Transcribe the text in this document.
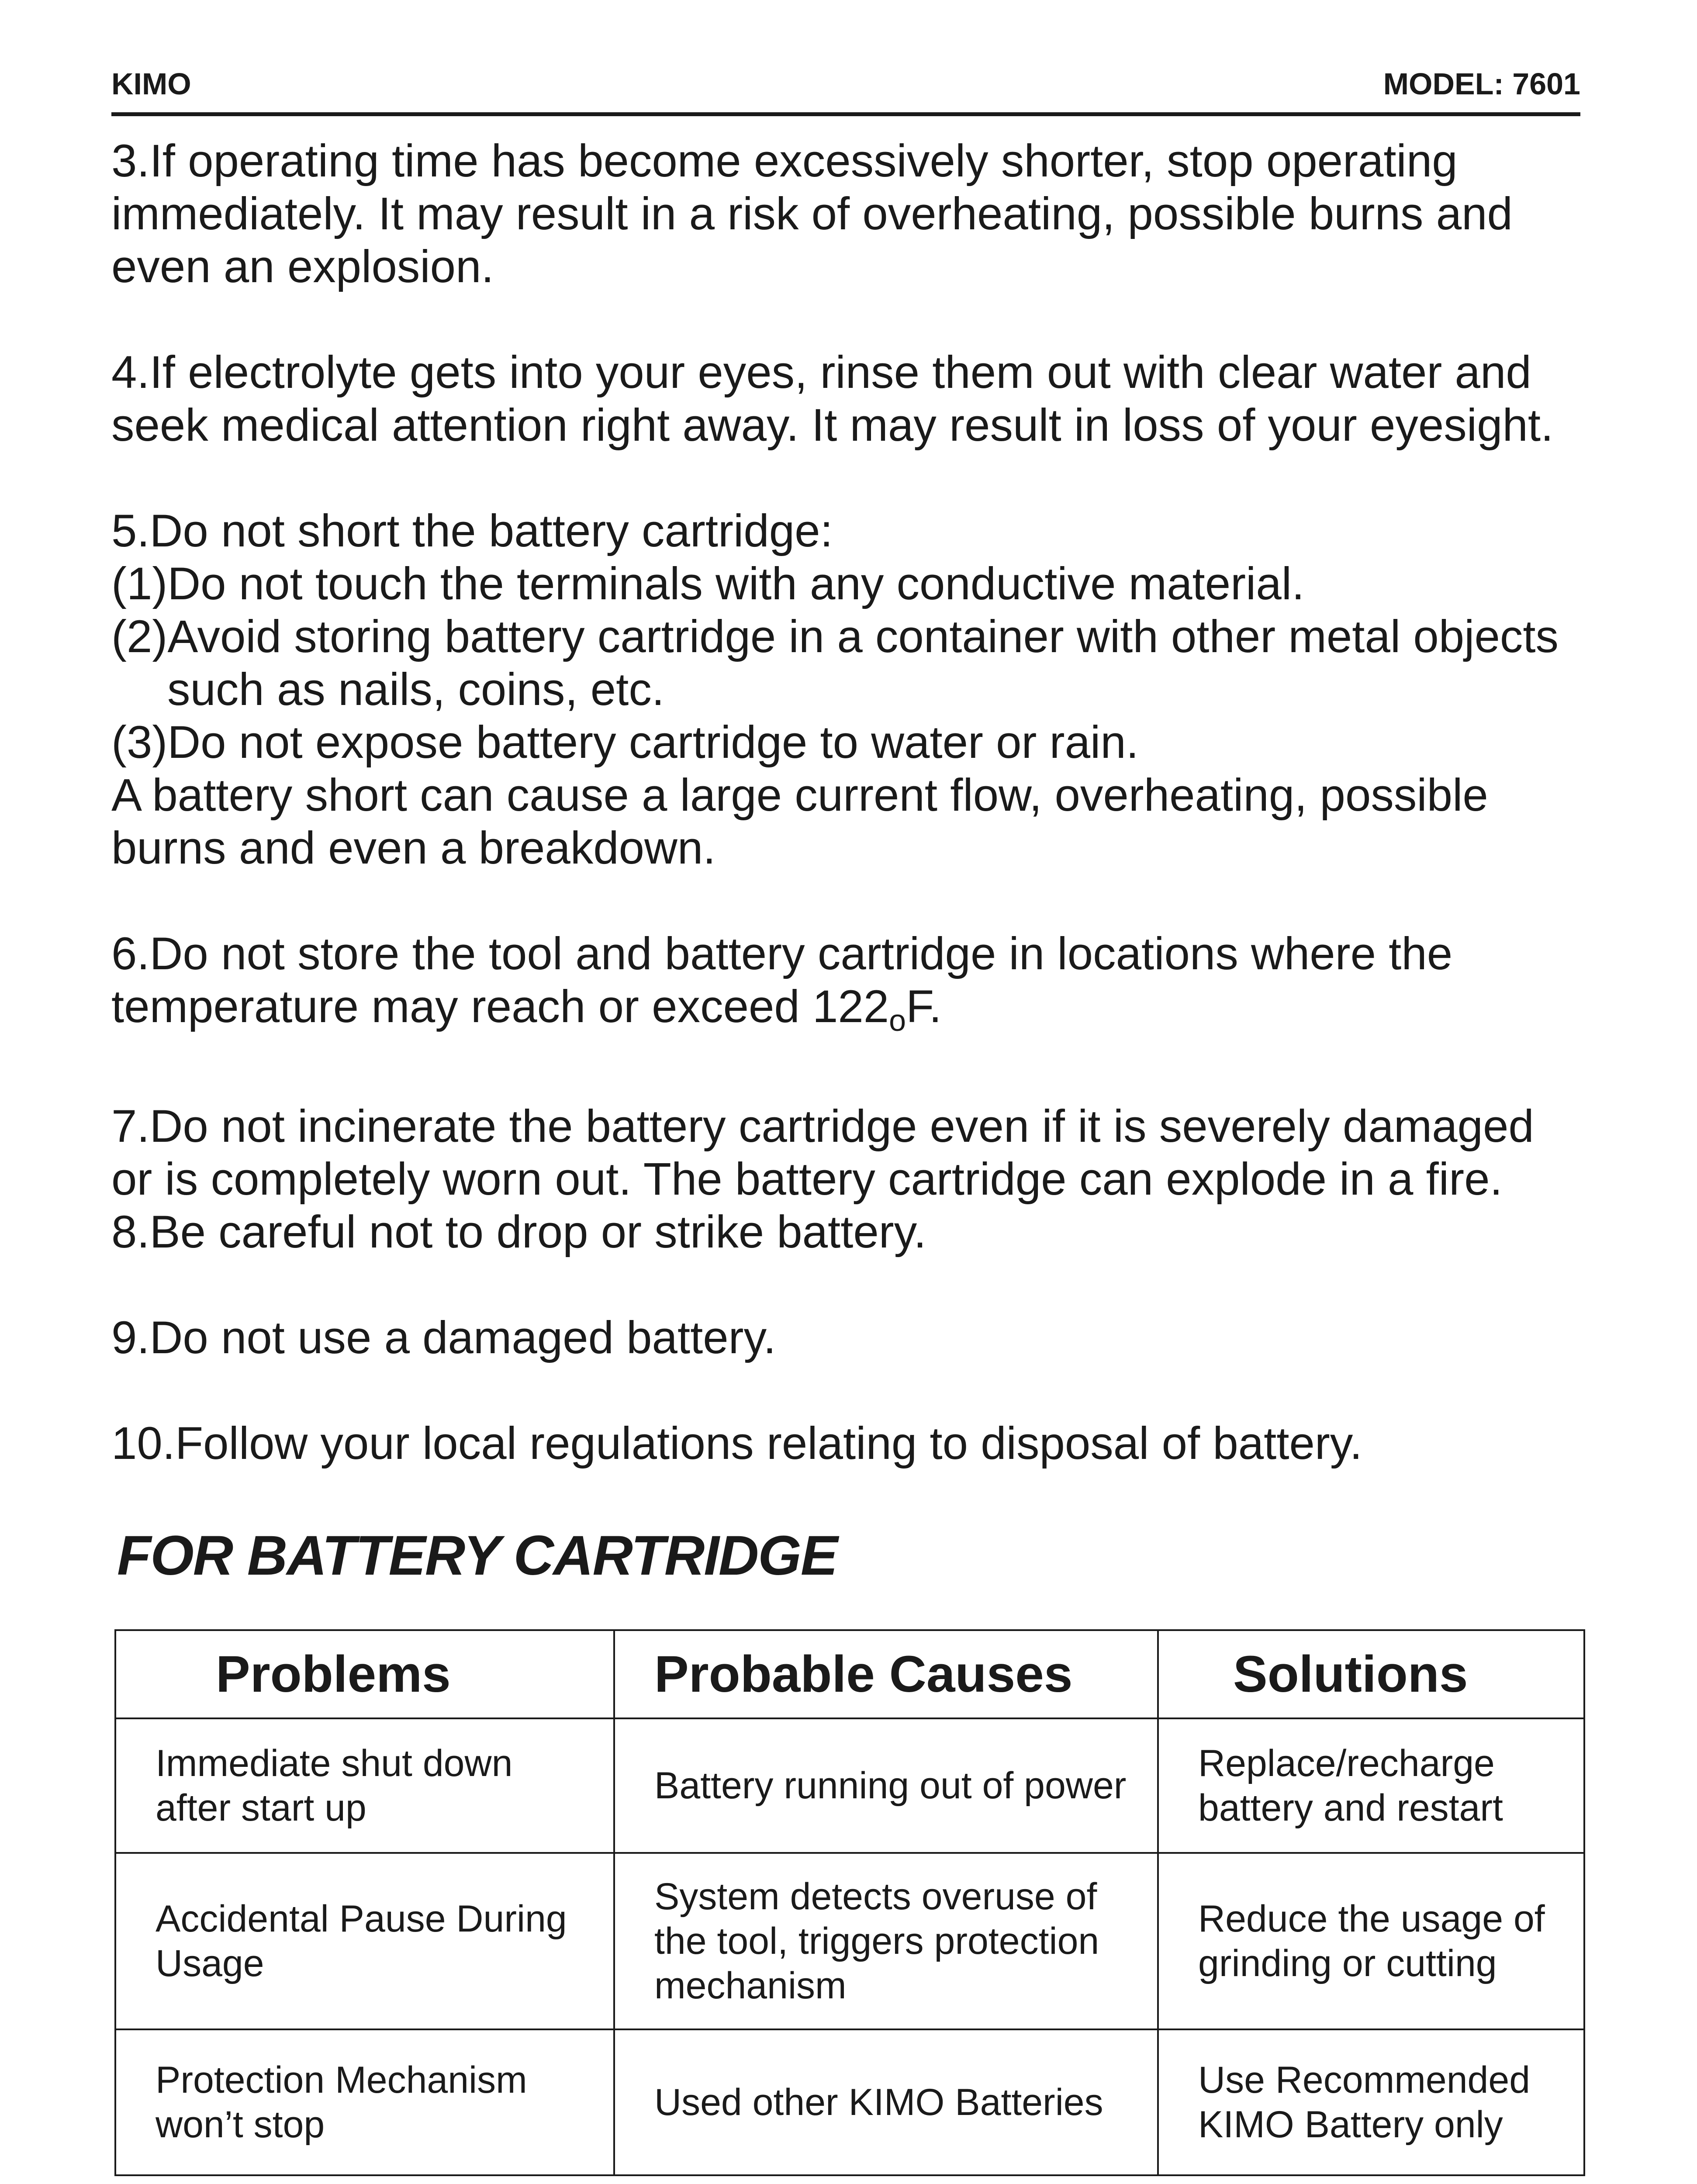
KIMO	MODEL: 7601

3.If operating time has become excessively shorter, stop operating
immediately. It may result in a risk of overheating, possible burns and
even an explosion.

4.If electrolyte gets into your eyes, rinse them out with clear water and
seek medical attention right away. It may result in loss of your eyesight.

5.Do not short the battery cartridge:
(1)Do not touch the terminals with any conductive material.
(2)Avoid storing battery cartridge in a container with other metal objects
such as nails, coins, etc.
(3)Do not expose battery cartridge to water or rain.
A battery short can cause a large current flow, overheating, possible
burns and even a breakdown.

6.Do not store the tool and battery cartridge in locations where the
temperature may reach or exceed 122oF.

7.Do not incinerate the battery cartridge even if it is severely damaged
or is completely worn out. The battery cartridge can explode in a fire.

8.Be careful not to drop or strike battery.

9.Do not use a damaged battery.

10.Follow your local regulations relating to disposal of battery.

FOR BATTERY CARTRIDGE
Problems	Probable Causes	Solutions
Immediate shut down
after start up	Battery running out of power	Replace/recharge
battery and restart
Accidental Pause During
Usage	System detects overuse of
the tool, triggers protection
mechanism	Reduce the usage of
grinding or cutting
Protection Mechanism
won’t stop	Used other KIMO Batteries	Use Recommended
KIMO Battery only
